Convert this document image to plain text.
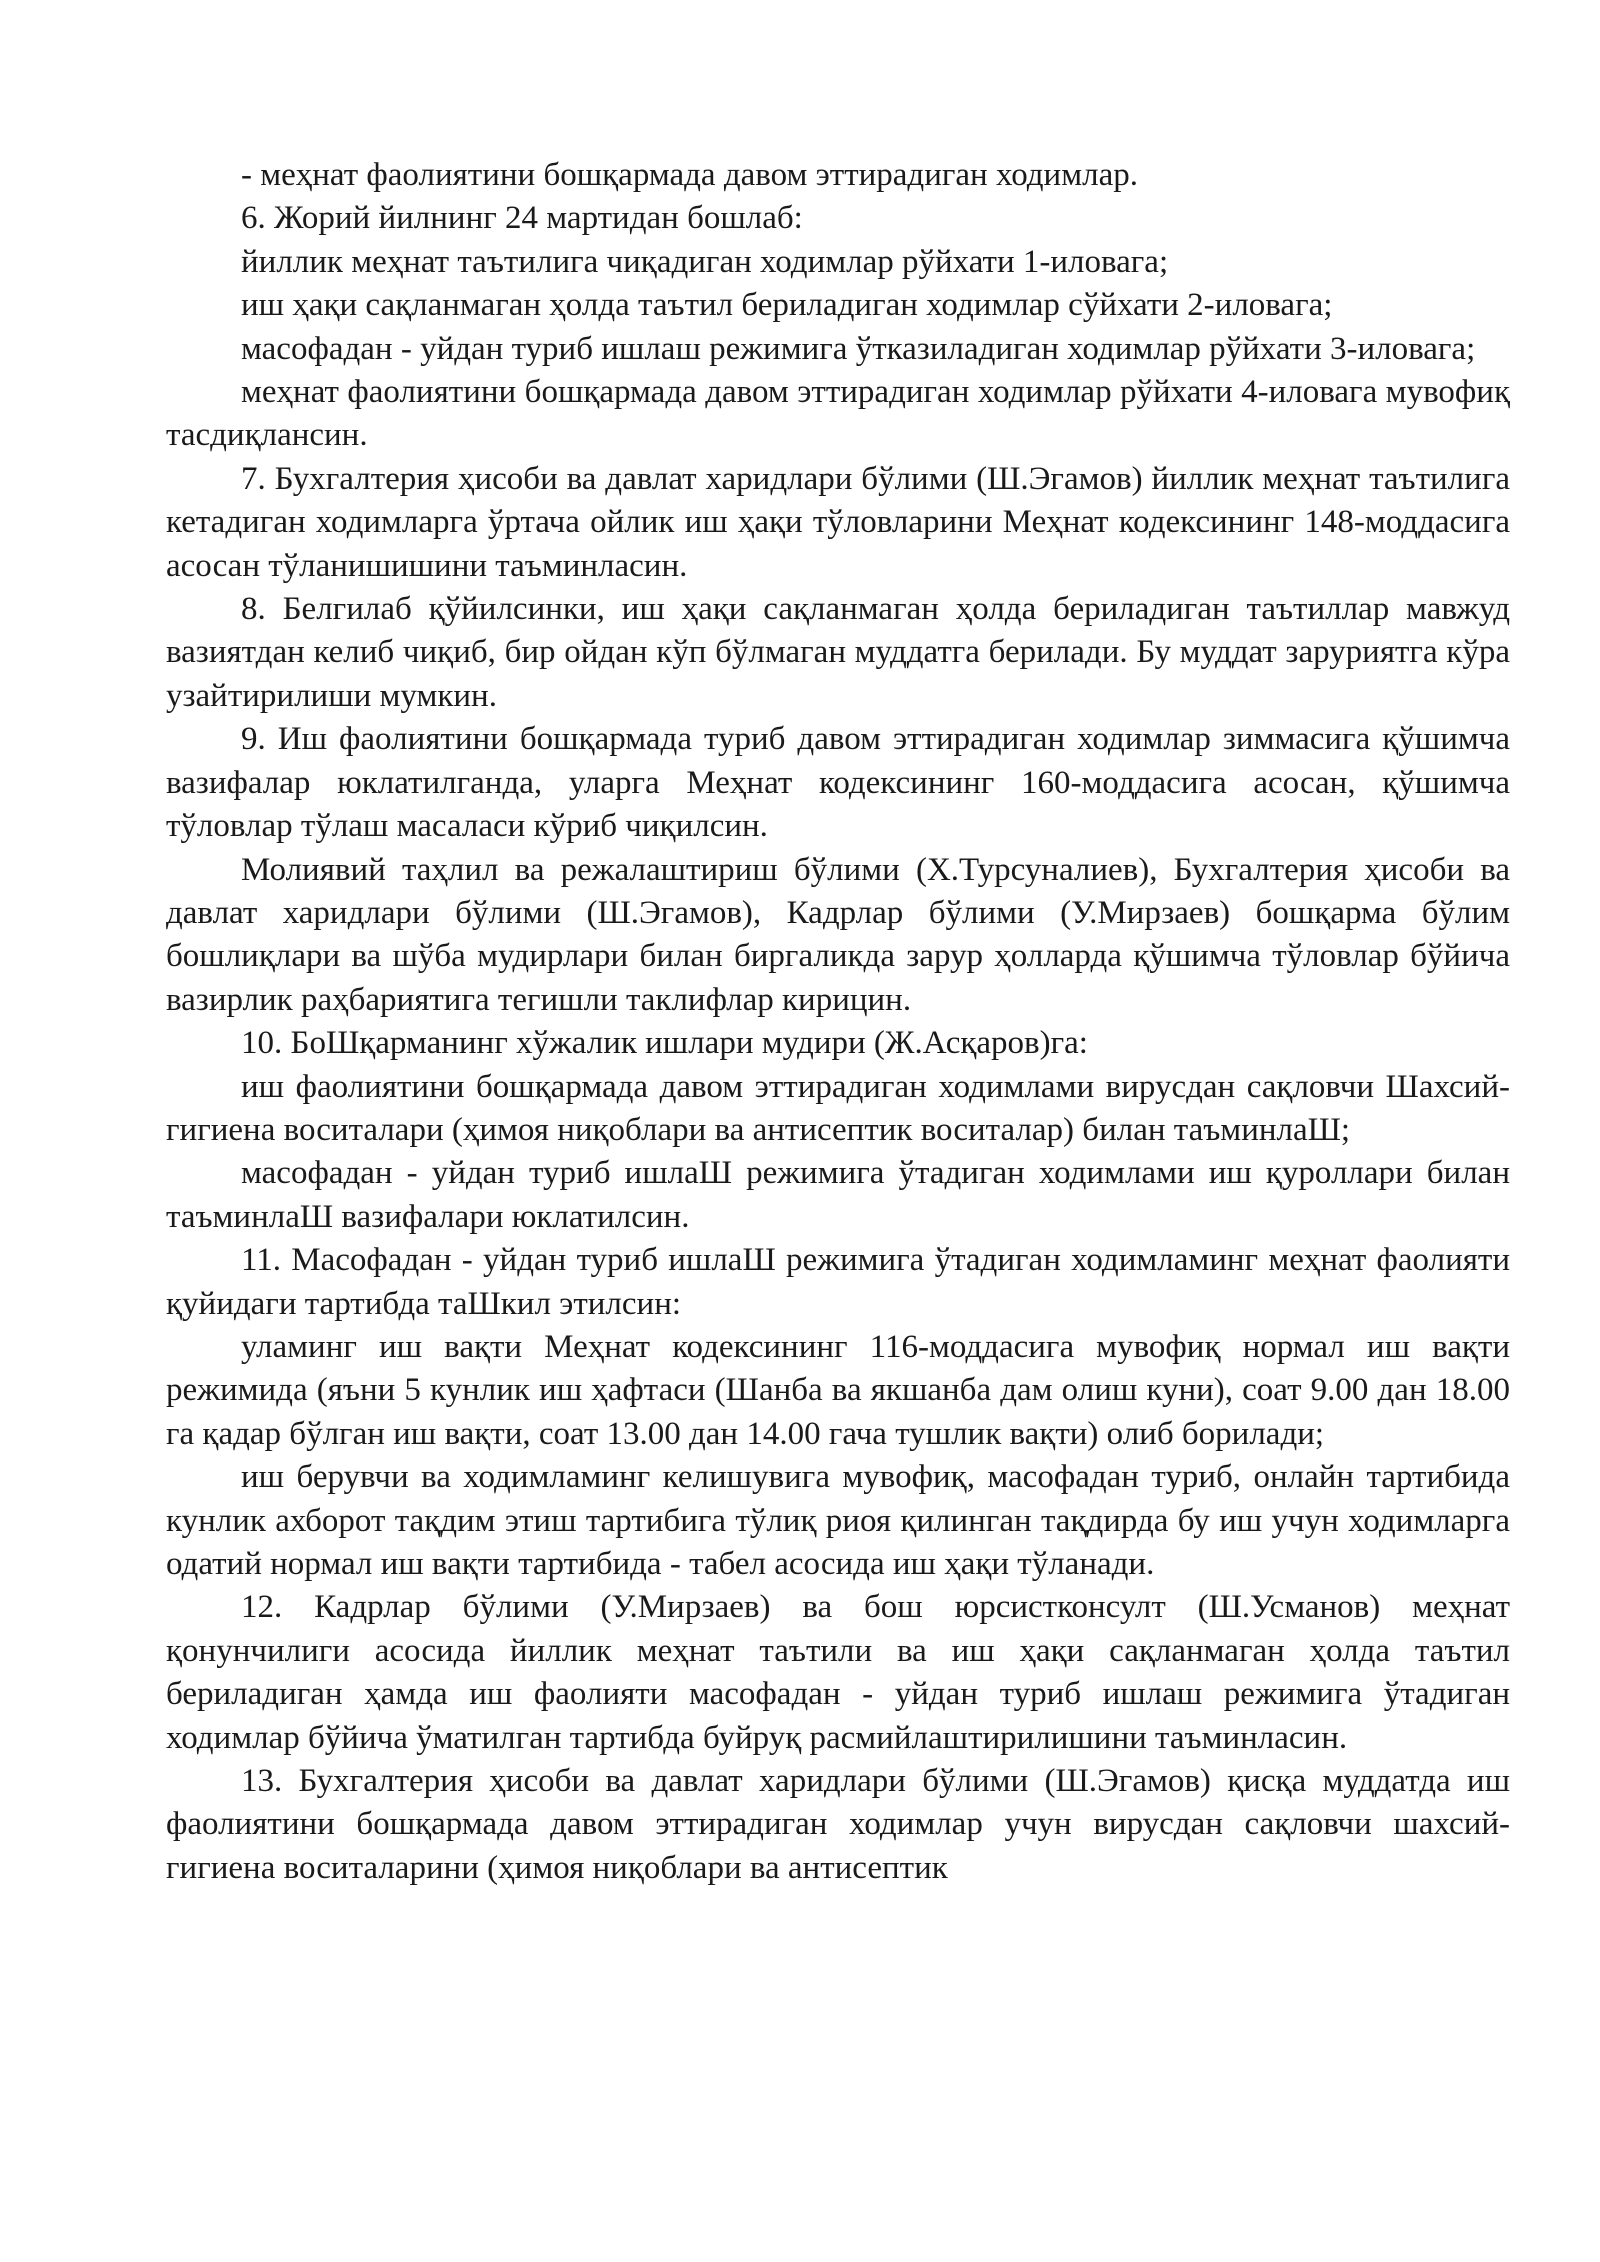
- меҳнат фаолиятини бошқармада давом эттирадиган ходимлар.

6. Жорий йилнинг 24 мартидан бошлаб:

йиллик меҳнат таътилига чиқадиган ходимлар рўйхати 1-иловага;

иш ҳақи сақланмаган ҳолда таътил бериладиган ходимлар сўйхати 2-иловага;

масофадан - уйдан туриб ишлаш режимига ўтказиладиган ходимлар рўйхати 3-иловага;

меҳнат фаолиятини бошқармада давом эттирадиган ходимлар рўйхати 4-иловага мувофиқ тасдиқлансин.

7. Бухгалтерия ҳисоби ва давлат харидлари бўлими (Ш.Эгамов) йиллик меҳнат таътилига кетадиган ходимларга ўртача ойлик иш ҳақи тўловларини Меҳнат кодексининг 148-моддасига асосан тўланишишини таъминласин.

8. Белгилаб қўйилсинки, иш ҳақи сақланмаган ҳолда бериладиган таътиллар мавжуд вазиятдан келиб чиқиб, бир ойдан кўп бўлмаган муддатга берилади. Бу муддат заруриятга кўра узайтирилиши мумкин.

9. Иш фаолиятини бошқармада туриб давом эттирадиган ходимлар зиммасига қўшимча вазифалар юклатилганда, уларга Меҳнат кодексининг 160-моддасига асосан, қўшимча тўловлар тўлаш масаласи кўриб чиқилсин.

Молиявий таҳлил ва режалаштириш бўлими (Х.Турсуналиев), Бухгалтерия ҳисоби ва давлат харидлари бўлими (Ш.Эгамов), Кадрлар бўлими (У.Мирзаев) бошқарма бўлим бошлиқлари ва шўба мудирлари билан биргаликда зарур ҳолларда қўшимча тўловлар бўйича вазирлик раҳбариятига тегишли таклифлар кирицин.

10. БоШқарманинг хўжалик ишлари мудири (Ж.Асқаров)га:

иш фаолиятини бошқармада давом эттирадиган ходимлами вирусдан сақловчи Шахсий-гигиена воситалари (ҳимоя ниқоблари ва антисептик воситалар) билан таъминлаШ;

масофадан - уйдан туриб ишлаШ режимига ўтадиган ходимлами иш қуроллари билан таъминлаШ вазифалари юклатилсин.

11. Масофадан - уйдан туриб ишлаШ режимига ўтадиган ходимламинг меҳнат фаолияти қуйидаги тартибда таШкил этилсин:

уламинг иш вақти Меҳнат кодексининг 116-моддасига мувофиқ нормал иш вақти режимида (яъни 5 кунлик иш ҳафтаси (Шанба ва якшанба дам олиш куни), соат 9.00 дан 18.00 га қадар бўлган иш вақти, соат 13.00 дан 14.00 гача тушлик вақти) олиб борилади;

иш берувчи ва ходимламинг келишувига мувофиқ, масофадан туриб, онлайн тартибида кунлик ахборот тақдим этиш тартибига тўлиқ риоя қилинган тақдирда бу иш учун ходимларга одатий нормал иш вақти тартибида - табел асосида иш ҳақи тўланади.

12. Кадрлар бўлими (У.Мирзаев) ва бош юрсистконсулт (Ш.Усманов) меҳнат қонунчилиги асосида йиллик меҳнат таътили ва иш ҳақи сақланмаган ҳолда таътил бериладиган ҳамда иш фаолияти масофадан - уйдан туриб ишлаш режимига ўтадиган ходимлар бўйича ўматилган тартибда буйруқ расмийлаштирилишини таъминласин.

13. Бухгалтерия ҳисоби ва давлат харидлари бўлими (Ш.Эгамов) қисқа муддатда иш фаолиятини бошқармада давом эттирадиган ходимлар учун вирусдан сақловчи шахсий-гигиена воситаларини (ҳимоя ниқоблари ва антисептик
